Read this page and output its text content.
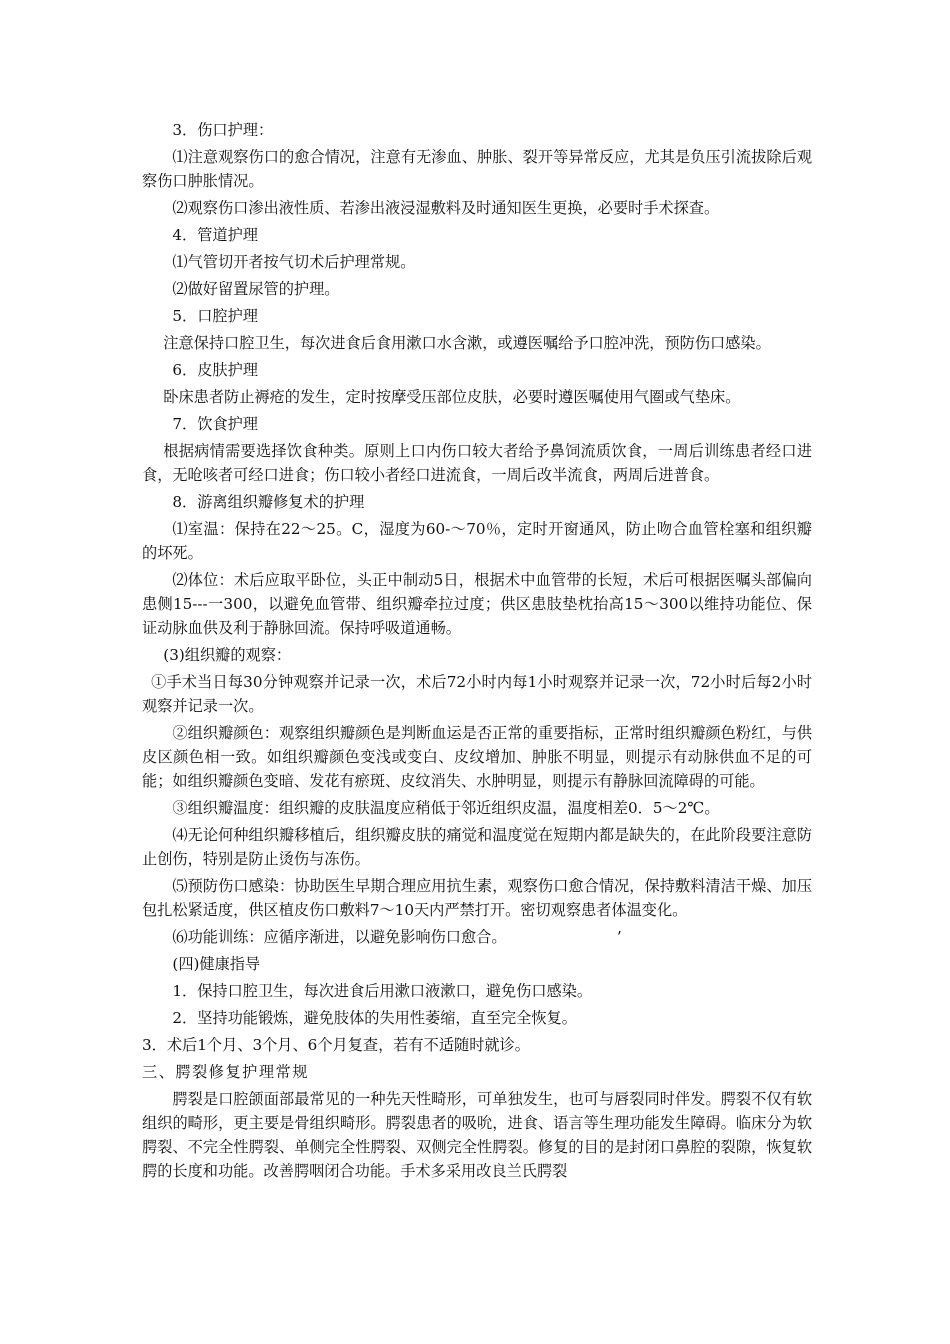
3．伤口护理：

⑴注意观察伤口的愈合情况，注意有无渗血、肿胀、裂开等异常反应，尤其是负压引流拔除后观察伤口肿胀情况。

⑵观察伤口渗出液性质、若渗出液浸湿敷料及时通知医生更换，必要时手术探查。

4．管道护理

⑴气管切开者按气切术后护理常规。

⑵做好留置尿管的护理。

5．口腔护理

注意保持口腔卫生，每次进食后食用漱口水含漱，或遵医嘱给予口腔冲洗，预防伤口感染。

6．皮肤护理

卧床患者防止褥疮的发生，定时按摩受压部位皮肤，必要时遵医嘱使用气圈或气垫床。

7．饮食护理

根据病情需要选择饮食种类。原则上口内伤口较大者给予鼻饲流质饮食，一周后训练患者经口进食，无呛咳者可经口进食；伤口较小者经口进流食，一周后改半流食，两周后进普食。

8．游离组织瓣修复术的护理

⑴室温：保持在22～25。C，湿度为60-～70％，定时开窗通风，防止吻合血管栓塞和组织瓣的坏死。

⑵体位：术后应取平卧位，头正中制动5日，根据术中血管带的长短，术后可根据医嘱头部偏向患侧15---一300，以避免血管带、组织瓣牵拉过度；供区患肢垫枕抬高15～300以维持功能位、保证动脉血供及利于静脉回流。保持呼吸道通畅。

(3)组织瓣的观察：

①手术当日每30分钟观察并记录一次，术后72小时内每1小时观察并记录一次，72小时后每2小时观察并记录一次。

②组织瓣颜色：观察组织瓣颜色是判断血运是否正常的重要指标，正常时组织瓣颜色粉红，与供皮区颜色相一致。如组织瓣颜色变浅或变白、皮纹增加、肿胀不明显，则提示有动脉供血不足的可能；如组织瓣颜色变暗、发花有瘀斑、皮纹消失、水肿明显，则提示有静脉回流障碍的可能。

③组织瓣温度：组织瓣的皮肤温度应稍低于邻近组织皮温，温度相差0．5～2℃。

⑷无论何种组织瓣移植后，组织瓣皮肤的痛觉和温度觉在短期内都是缺失的，在此阶段要注意防止创伤，特别是防止烫伤与冻伤。

⑸预防伤口感染：协助医生早期合理应用抗生素，观察伤口愈合情况，保持敷料清洁干燥、加压包扎松紧适度，供区植皮伤口敷料7～10天内严禁打开。密切观察患者体温变化。

⑹功能训练：应循序渐进，以避免影响伤口愈合。	’

(四)健康指导

1．保持口腔卫生，每次进食后用漱口液漱口，避免伤口感染。

2．坚持功能锻炼，避免肢体的失用性萎缩，直至完全恢复。

3．术后1个月、3个月、6个月复查，若有不适随时就诊。

三、腭裂修复护理常规

腭裂是口腔颌面部最常见的一种先天性畸形，可单独发生，也可与唇裂同时伴发。腭裂不仅有软组织的畸形，更主要是骨组织畸形。腭裂患者的吸吮，进食、语言等生理功能发生障碍。临床分为软腭裂、不完全性腭裂、单侧完全性腭裂、双侧完全性腭裂。修复的目的是封闭口鼻腔的裂隙，恢复软腭的长度和功能。改善腭咽闭合功能。手术多采用改良兰氏腭裂
